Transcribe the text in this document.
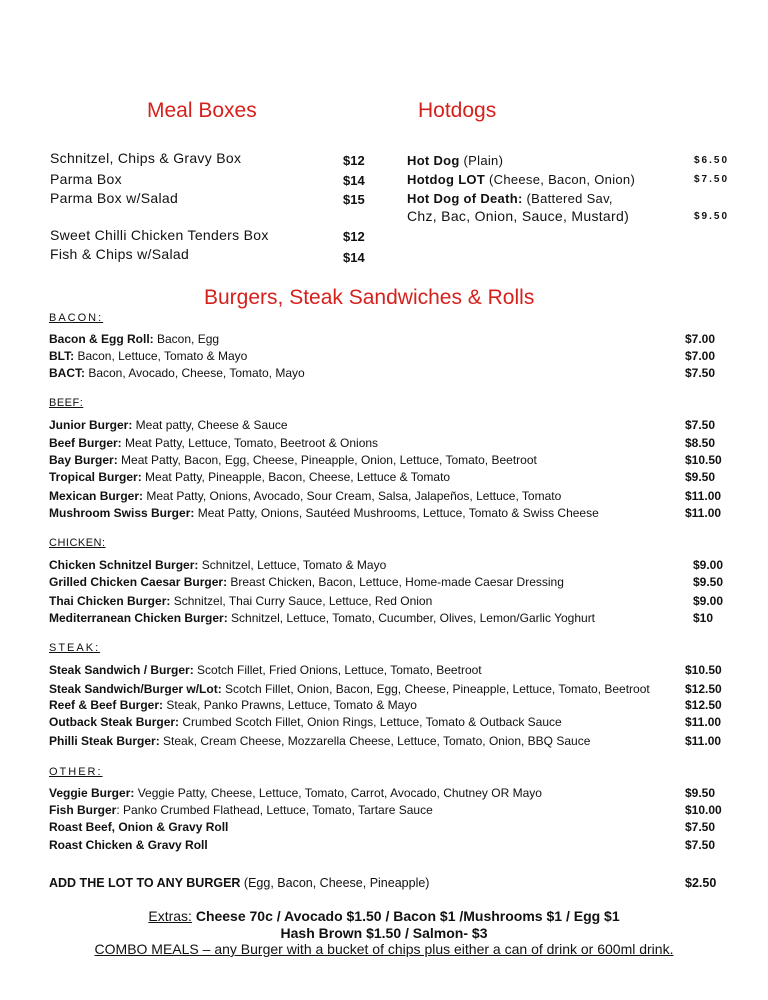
Meal Boxes	Hotdogs
Schnitzel, Chips & Gravy Box	$12
Parma Box	$14
Parma Box w/Salad	$15
Sweet Chilli Chicken Tenders Box	$12
Fish & Chips w/Salad	$14
Hot Dog (Plain)	$6.50
Hotdog LOT (Cheese, Bacon, Onion)	$7.50
Hot Dog of Death: (Battered Sav,
Chz, Bac, Onion, Sauce, Mustard)	$9.50
Burgers, Steak Sandwiches & Rolls
BACON:
Bacon & Egg Roll: Bacon, Egg	$7.00
BLT: Bacon, Lettuce, Tomato & Mayo	$7.00
BACT: Bacon, Avocado, Cheese, Tomato, Mayo	$7.50
BEEF:
Junior Burger: Meat patty, Cheese & Sauce	$7.50
Beef Burger: Meat Patty, Lettuce, Tomato, Beetroot & Onions	$8.50
Bay Burger: Meat Patty, Bacon, Egg, Cheese, Pineapple, Onion, Lettuce, Tomato, Beetroot	$10.50
Tropical Burger: Meat Patty, Pineapple, Bacon, Cheese, Lettuce & Tomato	$9.50
Mexican Burger: Meat Patty, Onions, Avocado, Sour Cream, Salsa, Jalapeños, Lettuce, Tomato	$11.00
Mushroom Swiss Burger: Meat Patty, Onions, Sautéed Mushrooms, Lettuce, Tomato & Swiss Cheese	$11.00
CHICKEN:
Chicken Schnitzel Burger: Schnitzel, Lettuce, Tomato & Mayo	$9.00
Grilled Chicken Caesar Burger: Breast Chicken, Bacon, Lettuce, Home-made Caesar Dressing	$9.50
Thai Chicken Burger: Schnitzel, Thai Curry Sauce, Lettuce, Red Onion	$9.00
Mediterranean Chicken Burger: Schnitzel, Lettuce, Tomato, Cucumber, Olives, Lemon/Garlic Yoghurt	$10
STEAK:
Steak Sandwich / Burger: Scotch Fillet, Fried Onions, Lettuce, Tomato, Beetroot	$10.50
Steak Sandwich/Burger w/Lot: Scotch Fillet, Onion, Bacon, Egg, Cheese, Pineapple, Lettuce, Tomato, Beetroot	$12.50
Reef & Beef Burger: Steak, Panko Prawns, Lettuce, Tomato & Mayo	$12.50
Outback Steak Burger: Crumbed Scotch Fillet, Onion Rings, Lettuce, Tomato & Outback Sauce	$11.00
Philli Steak Burger: Steak, Cream Cheese, Mozzarella Cheese, Lettuce, Tomato, Onion, BBQ Sauce	$11.00
OTHER:
Veggie Burger: Veggie Patty, Cheese, Lettuce, Tomato, Carrot, Avocado, Chutney OR Mayo	$9.50
Fish Burger: Panko Crumbed Flathead, Lettuce, Tomato, Tartare Sauce	$10.00
Roast Beef, Onion & Gravy Roll	$7.50
Roast Chicken & Gravy Roll	$7.50
ADD THE LOT TO ANY BURGER (Egg, Bacon, Cheese, Pineapple)	$2.50
Extras: Cheese 70c / Avocado $1.50 / Bacon $1 /Mushrooms $1 / Egg $1
Hash Brown $1.50 / Salmon- $3
COMBO MEALS – any Burger with a bucket of chips plus either a can of drink or 600ml drink.
